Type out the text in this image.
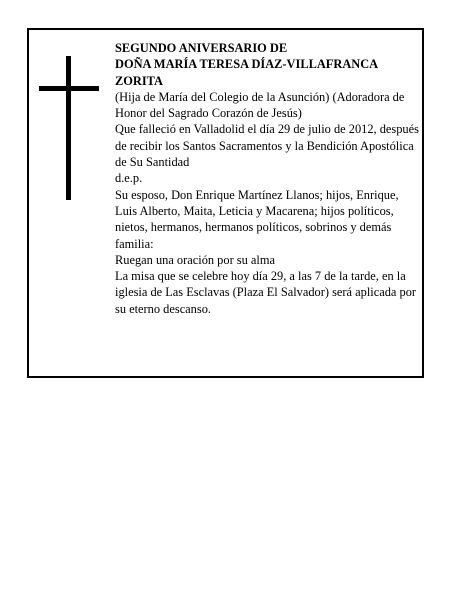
SEGUNDO ANIVERSARIO DE

DOÑA MARÍA TERESA DÍAZ-VILLAFRANCA ZORITA

(Hija de María del Colegio de la Asunción) (Adoradora de Honor del Sagrado Corazón de Jesús)

Que falleció en Valladolid el día 29 de julio de 2012, después de recibir los Santos Sacramentos y la Bendición Apostólica de Su Santidad

d.e.p.

Su esposo, Don Enrique Martínez Llanos; hijos, Enrique, Luis Alberto, Maita, Leticia y Macarena; hijos políticos, nietos, hermanos, hermanos políticos, sobrinos y demás familia:

Ruegan una oración por su alma

La misa que se celebre hoy día 29, a las 7 de la tarde, en la iglesia de Las Esclavas (Plaza El Salvador) será aplicada por su eterno descanso.
